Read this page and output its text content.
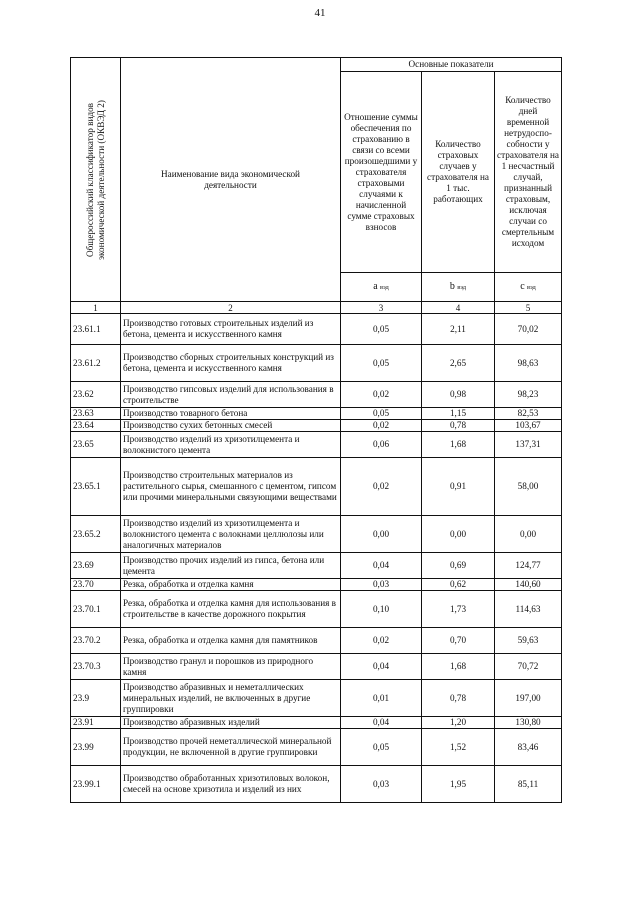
41
Общероссийский классификатор видов
экономической деятельности (ОКВЭД 2)	Наименование вида экономической деятельности	Основные показатели		
		Отношение суммы обеспечения по страхованию в связи со всеми произошедшими у страхователя страховыми случаями к начисленной сумме страховых взносов	Количество страховых случаев у страхователя на 1 тыс. работающих	Количество дней временной нетрудоспо-собности у страхователя на 1 несчастный случай, признанный страховым, исключая случаи со смертельным исходом
		a вэд	b вэд	c вэд
1	2	3	4	5
23.61.1	Производство готовых строительных изделий из бетона, цемента и искусственного камня	0,05	2,11	70,02
23.61.2	Производство сборных строительных конструкций из бетона, цемента и искусственного камня	0,05	2,65	98,63
23.62	Производство гипсовых изделий для использования в строительстве	0,02	0,98	98,23
23.63	Производство товарного бетона	0,05	1,15	82,53
23.64	Производство сухих бетонных смесей	0,02	0,78	103,67
23.65	Производство изделий из хризотилцемента и волокнистого цемента	0,06	1,68	137,31
23.65.1	Производство строительных материалов из растительного сырья, смешанного с цементом, гипсом или прочими минеральными связующими веществами	0,02	0,91	58,00
23.65.2	Производство изделий из хризотилцемента и волокнистого цемента с волокнами целлюлозы или аналогичных материалов	0,00	0,00	0,00
23.69	Производство прочих изделий из гипса, бетона или цемента	0,04	0,69	124,77
23.70	Резка, обработка и отделка камня	0,03	0,62	140,60
23.70.1	Резка, обработка и отделка камня для использования в строительстве в качестве дорожного покрытия	0,10	1,73	114,63
23.70.2	Резка, обработка и отделка камня для памятников	0,02	0,70	59,63
23.70.3	Производство гранул и порошков из природного камня	0,04	1,68	70,72
23.9	Производство абразивных и неметаллических минеральных изделий, не включенных в другие группировки	0,01	0,78	197,00
23.91	Производство абразивных изделий	0,04	1,20	130,80
23.99	Производство прочей неметаллической минеральной продукции, не включенной в другие группировки	0,05	1,52	83,46
23.99.1	Производство обработанных хризотиловых волокон, смесей на основе хризотила и изделий из них	0,03	1,95	85,11
